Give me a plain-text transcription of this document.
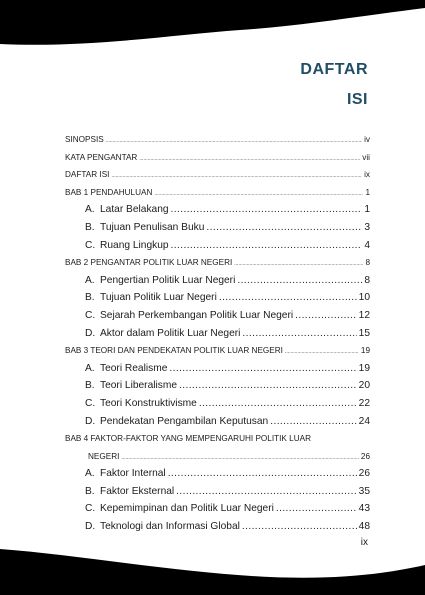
DAFTAR
ISI
SINOPSIS .....	iv
KATA PENGANTAR .....	vii
DAFTAR ISI .....	ix
BAB 1 PENDAHULUAN .....	1
A. Latar Belakang .....	1
B. Tujuan Penulisan Buku .....	3
C. Ruang Lingkup .....	4
BAB 2 PENGANTAR POLITIK LUAR NEGERI .....	8
A. Pengertian Politik Luar Negeri .....	8
B. Tujuan Politik Luar Negeri .....	10
C. Sejarah Perkembangan Politik Luar Negeri .....	12
D. Aktor dalam Politik Luar Negeri .....	15
BAB 3 TEORI DAN PENDEKATAN POLITIK LUAR NEGERI .....	19
A. Teori Realisme .....	19
B. Teori Liberalisme .....	20
C. Teori Konstruktivisme .....	22
D. Pendekatan Pengambilan Keputusan .....	24
BAB 4 FAKTOR-FAKTOR YANG MEMPENGARUHI POLITIK LUAR
NEGERI .....	26
A. Faktor Internal .....	26
B. Faktor Eksternal .....	35
C. Kepemimpinan dan Politik Luar Negeri .....	43
D. Teknologi dan Informasi Global .....	48

ix
